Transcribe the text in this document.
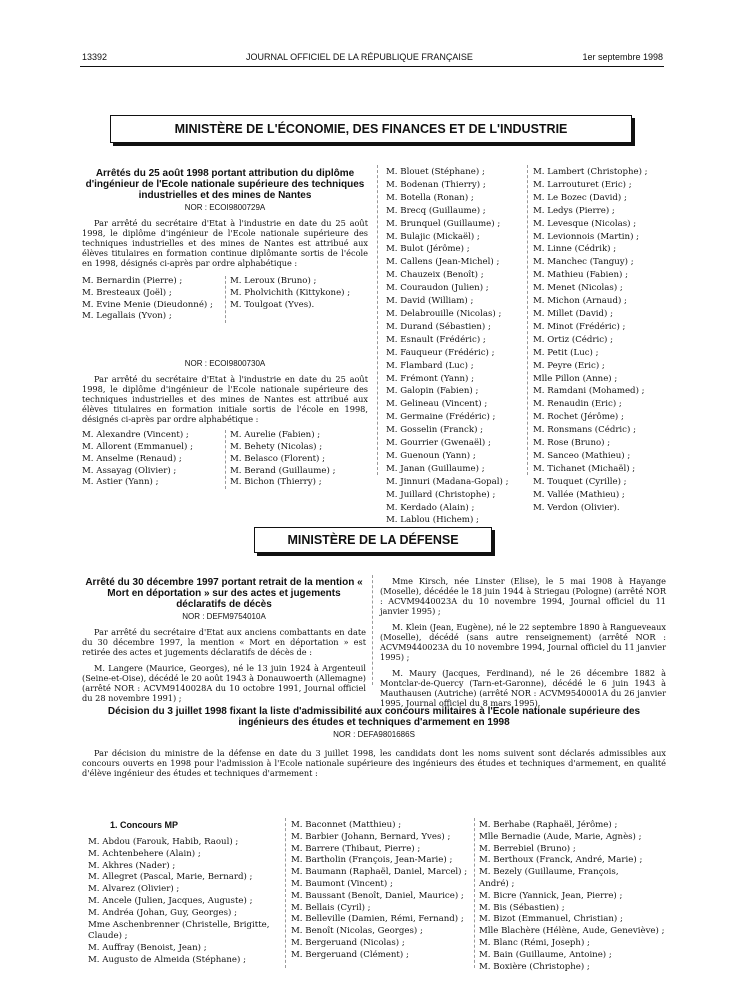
13392	JOURNAL OFFICIEL DE LA RÉPUBLIQUE FRANÇAISE	1er septembre 1998
MINISTÈRE DE L'ÉCONOMIE, DES FINANCES ET DE L'INDUSTRIE

Arrêtés du 25 août 1998 portant attribution du diplôme d'ingénieur de l'Ecole nationale supérieure des techniques industrielles et des mines de Nantes

NOR : ECOI9800729A

Par arrêté du secrétaire d'Etat à l'industrie en date du 25 août 1998, le diplôme d'ingénieur de l'Ecole nationale supérieure des techniques industrielles et des mines de Nantes est attribué aux élèves titulaires en formation continue diplômante sortis de l'école en 1998, désignés ci-après par ordre alphabétique :

M. Bernardin (Pierre) ;
M. Bresteaux (Joël) ;
M. Evine Menie (Dieudonné) ;
M. Legallais (Yvon) ;
M. Leroux (Bruno) ;
M. Pholvichith (Kittykone) ;
M. Toulgoat (Yves).

NOR : ECOI9800730A

Par arrêté du secrétaire d'Etat à l'industrie en date du 25 août 1998, le diplôme d'ingénieur de l'Ecole nationale supérieure des techniques industrielles et des mines de Nantes est attribué aux élèves titulaires en formation initiale sortis de l'école en 1998, désignés ci-après par ordre alphabétique :

M. Alexandre (Vincent) ;
M. Allorent (Emmanuel) ;
M. Anselme (Renaud) ;
M. Assayag (Olivier) ;
M. Astier (Yann) ;
M. Aurelie (Fabien) ;
M. Behety (Nicolas) ;
M. Belasco (Florent) ;
M. Berand (Guillaume) ;
M. Bichon (Thierry) ;
M. Blouet (Stéphane) ;
M. Bodenan (Thierry) ;
M. Botella (Ronan) ;
M. Brecq (Guillaume) ;
M. Brunquel (Guillaume) ;
M. Bulajic (Mickaël) ;
M. Bulot (Jérôme) ;
M. Callens (Jean-Michel) ;
M. Chauzeix (Benoît) ;
M. Couraudon (Julien) ;
M. David (William) ;
M. Delabrouille (Nicolas) ;
M. Durand (Sébastien) ;
M. Esnault (Frédéric) ;
M. Fauqueur (Frédéric) ;
M. Flambard (Luc) ;
M. Frémont (Yann) ;
M. Galopin (Fabien) ;
M. Gelineau (Vincent) ;
M. Germaine (Frédéric) ;
M. Gosselin (Franck) ;
M. Gourrier (Gwenaël) ;
M. Guenoun (Yann) ;
M. Janan (Guillaume) ;
M. Jinnuri (Madana-Gopal) ;
M. Juillard (Christophe) ;
M. Kerdado (Alain) ;
M. Lablou (Hichem) ;
M. Lambert (Christophe) ;
M. Larrouturet (Eric) ;
M. Le Bozec (David) ;
M. Ledys (Pierre) ;
M. Levesque (Nicolas) ;
M. Levionnois (Martin) ;
M. Linne (Cédrik) ;
M. Manchec (Tanguy) ;
M. Mathieu (Fabien) ;
M. Menet (Nicolas) ;
M. Michon (Arnaud) ;
M. Millet (David) ;
M. Minot (Frédéric) ;
M. Ortiz (Cédric) ;
M. Petit (Luc) ;
M. Peyre (Eric) ;
Mlle Pillon (Anne) ;
M. Ramdani (Mohamed) ;
M. Renaudin (Eric) ;
M. Rochet (Jérôme) ;
M. Ronsmans (Cédric) ;
M. Rose (Bruno) ;
M. Sanceo (Mathieu) ;
M. Tichanet (Michaël) ;
M. Touquet (Cyrille) ;
M. Vallée (Mathieu) ;
M. Verdon (Olivier).
MINISTÈRE DE LA DÉFENSE

Arrêté du 30 décembre 1997 portant retrait de la mention « Mort en déportation » sur des actes et jugements déclaratifs de décès

NOR : DEFM9754010A

Par arrêté du secrétaire d'Etat aux anciens combattants en date du 30 décembre 1997, la mention « Mort en déportation » est retirée des actes et jugements déclaratifs de décès de :

M. Langere (Maurice, Georges), né le 13 juin 1924 à Argenteuil (Seine-et-Oise), décédé le 20 août 1943 à Donauwoerth (Allemagne) (arrêté NOR : ACVM9140028A du 10 octobre 1991, Journal officiel du 28 novembre 1991) ;

Mme Kirsch, née Linster (Elise), le 5 mai 1908 à Hayange (Moselle), décédée le 18 juin 1944 à Striegau (Pologne) (arrêté NOR : ACVM9440023A du 10 novembre 1994, Journal officiel du 11 janvier 1995) ;

M. Klein (Jean, Eugène), né le 22 septembre 1890 à Rangueveaux (Moselle), décédé (sans autre renseignement) (arrêté NOR : ACVM9440023A du 10 novembre 1994, Journal officiel du 11 janvier 1995) ;

M. Maury (Jacques, Ferdinand), né le 26 décembre 1882 à Montclar-de-Quercy (Tarn-et-Garonne), décédé le 6 juin 1943 à Mauthausen (Autriche) (arrêté NOR : ACVM9540001A du 26 janvier 1995, Journal officiel du 8 mars 1995).

Décision du 3 juillet 1998 fixant la liste d'admissibilité aux concours militaires à l'Ecole nationale supérieure des ingénieurs des études et techniques d'armement en 1998

NOR : DEFA9801686S

Par décision du ministre de la défense en date du 3 juillet 1998, les candidats dont les noms suivent sont déclarés admissibles aux concours ouverts en 1998 pour l'admission à l'Ecole nationale supérieure des ingénieurs des études et techniques d'armement, en qualité d'élève ingénieur des études et techniques d'armement :

1. Concours MP
M. Abdou (Farouk, Habib, Raoul) ;
M. Achtenbehere (Alain) ;
M. Akhres (Nader) ;
M. Allegret (Pascal, Marie, Bernard) ;
M. Alvarez (Olivier) ;
M. Ancele (Julien, Jacques, Auguste) ;
M. Andréa (Johan, Guy, Georges) ;
Mme Aschenbrenner (Christelle, Brigitte,
Claude) ;
M. Auffray (Benoist, Jean) ;
M. Augusto de Almeida (Stéphane) ;
M. Baconnet (Matthieu) ;
M. Barbier (Johann, Bernard, Yves) ;
M. Barrere (Thibaut, Pierre) ;
M. Bartholin (François, Jean-Marie) ;
M. Baumann (Raphaël, Daniel, Marcel) ;
M. Baumont (Vincent) ;
M. Baussant (Benoît, Daniel, Maurice) ;
M. Bellais (Cyril) ;
M. Belleville (Damien, Rémi, Fernand) ;
M. Benoît (Nicolas, Georges) ;
M. Bergeruand (Nicolas) ;
M. Bergeruand (Clément) ;
M. Berhabe (Raphaël, Jérôme) ;
Mlle Bernadie (Aude, Marie, Agnès) ;
M. Berrebiel (Bruno) ;
M. Berthoux (Franck, André, Marie) ;
M. Bezely (Guillaume, François,
André) ;
M. Bicre (Yannick, Jean, Pierre) ;
M. Bis (Sébastien) ;
M. Bizot (Emmanuel, Christian) ;
Mlle Blachère (Hélène, Aude, Geneviève) ;
M. Blanc (Rémi, Joseph) ;
M. Bain (Guillaume, Antoine) ;
M. Boxière (Christophe) ;
